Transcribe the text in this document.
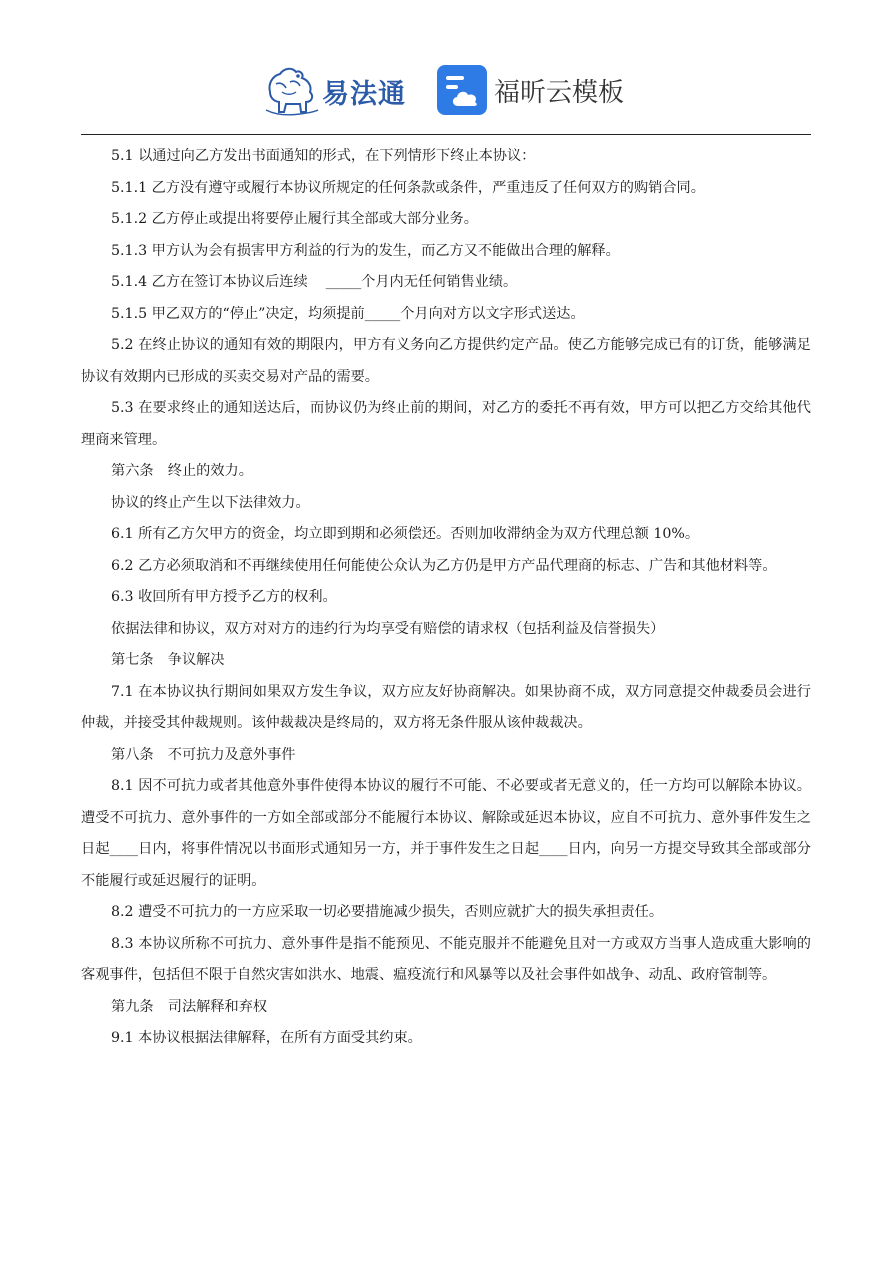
易法通	福昕云模板

5.1 以通过向乙方发出书面通知的形式，在下列情形下终止本协议：

5.1.1 乙方没有遵守或履行本协议所规定的任何条款或条件，严重违反了任何双方的购销合同。

5.1.2 乙方停止或提出将要停止履行其全部或大部分业务。

5.1.3 甲方认为会有损害甲方利益的行为的发生，而乙方又不能做出合理的解释。

5.1.4 乙方在签订本协议后连续    _____个月内无任何销售业绩。

5.1.5 甲乙双方的“停止”决定，均须提前_____个月向对方以文字形式送达。

5.2 在终止协议的通知有效的期限内，甲方有义务向乙方提供约定产品。使乙方能够完成已有的订货，能够满足协议有效期内已形成的买卖交易对产品的需要。

5.3 在要求终止的通知送达后，而协议仍为终止前的期间，对乙方的委托不再有效，甲方可以把乙方交给其他代理商来管理。

第六条　终止的效力。

协议的终止产生以下法律效力。

6.1 所有乙方欠甲方的资金，均立即到期和必须偿还。否则加收滞纳金为双方代理总额 10%。

6.2 乙方必须取消和不再继续使用任何能使公众认为乙方仍是甲方产品代理商的标志、广告和其他材料等。

6.3 收回所有甲方授予乙方的权利。

依据法律和协议，双方对对方的违约行为均享受有赔偿的请求权（包括利益及信誉损失）

第七条　争议解决

7.1 在本协议执行期间如果双方发生争议，双方应友好协商解决。如果协商不成，双方同意提交仲裁委员会进行仲裁，并接受其仲裁规则。该仲裁裁决是终局的，双方将无条件服从该仲裁裁决。

第八条　不可抗力及意外事件

8.1 因不可抗力或者其他意外事件使得本协议的履行不可能、不必要或者无意义的，任一方均可以解除本协议。遭受不可抗力、意外事件的一方如全部或部分不能履行本协议、解除或延迟本协议，应自不可抗力、意外事件发生之日起____日内，将事件情况以书面形式通知另一方，并于事件发生之日起____日内，向另一方提交导致其全部或部分不能履行或延迟履行的证明。

8.2 遭受不可抗力的一方应采取一切必要措施减少损失，否则应就扩大的损失承担责任。

8.3 本协议所称不可抗力、意外事件是指不能预见、不能克服并不能避免且对一方或双方当事人造成重大影响的客观事件，包括但不限于自然灾害如洪水、地震、瘟疫流行和风暴等以及社会事件如战争、动乱、政府管制等。

第九条　司法解释和弃权

9.1 本协议根据法律解释，在所有方面受其约束。
